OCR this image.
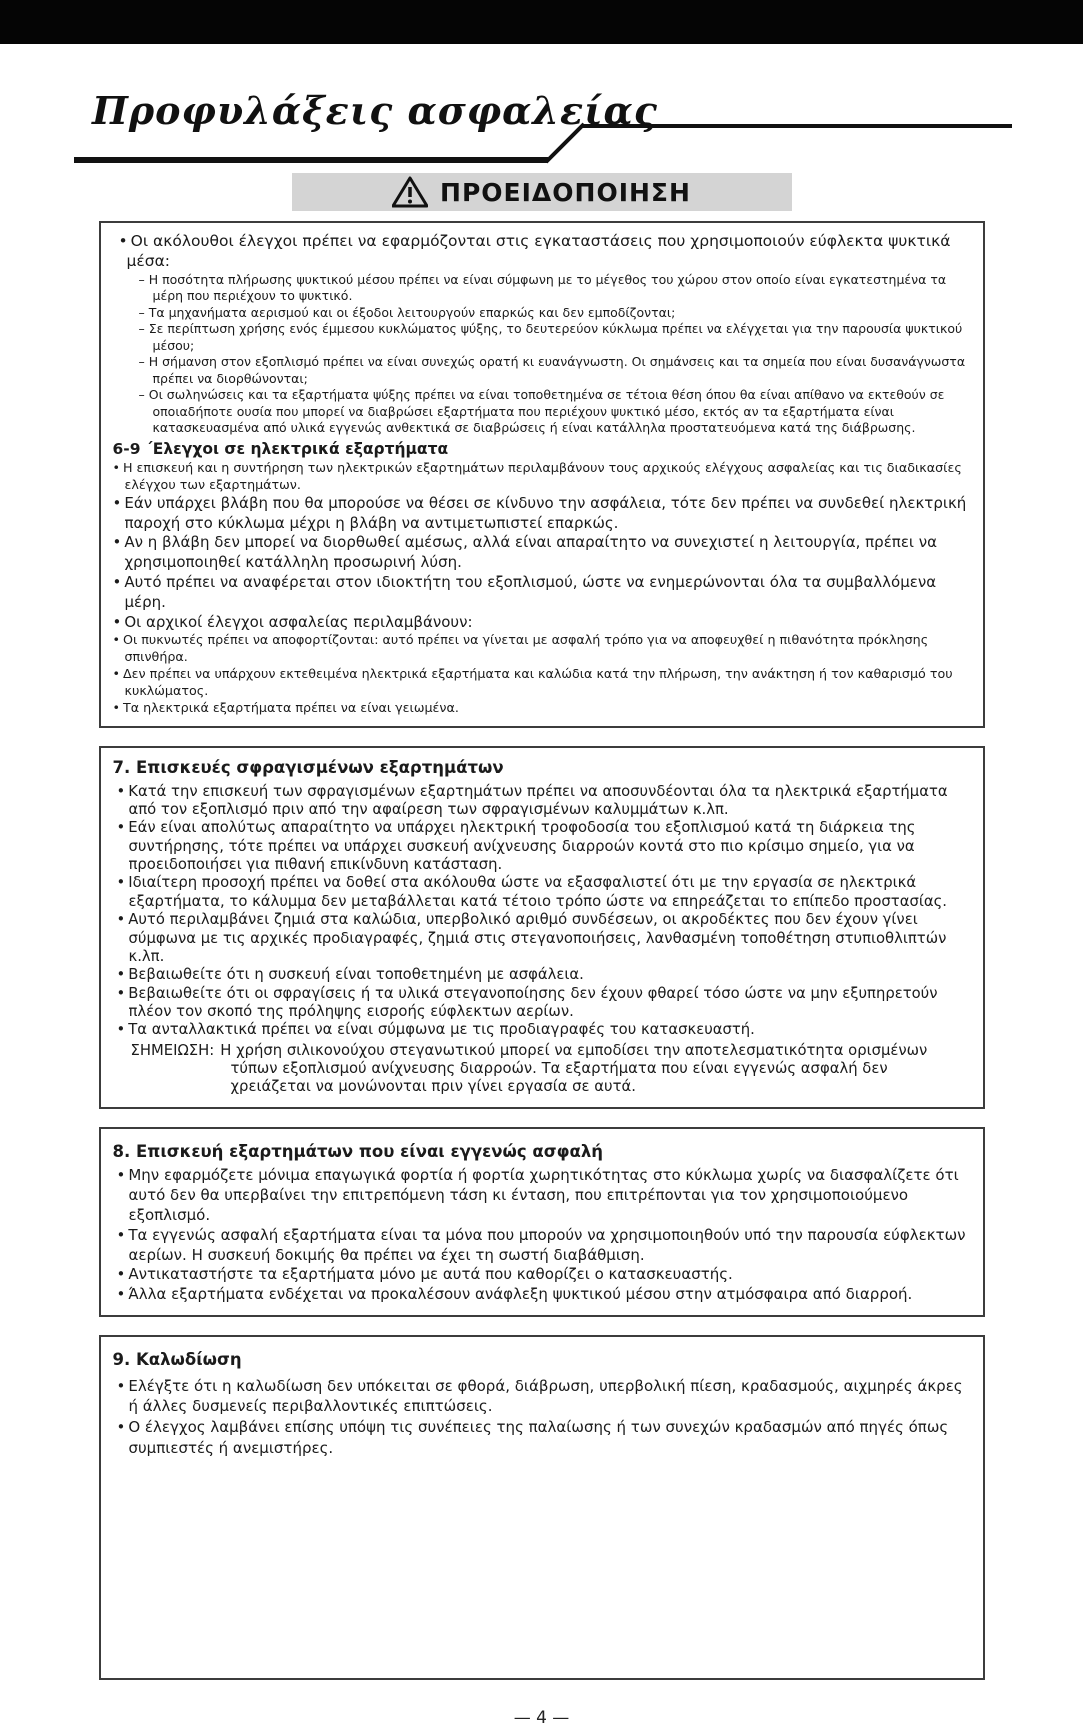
Προφυλάξεις ασφαλείας
ΠΡΟΕΙΔΟΠΟΙΗΣΗ
• Οι ακόλουθοι έλεγχοι πρέπει να εφαρμόζονται στις εγκαταστάσεις που χρησιμοποιούν εύφλεκτα ψυκτικά μέσα:
– Η ποσότητα πλήρωσης ψυκτικού μέσου πρέπει να είναι σύμφωνη με το μέγεθος του χώρου στον οποίο είναι εγκατεστημένα τα μέρη που περιέχουν το ψυκτικό.
– Τα μηχανήματα αερισμού και οι έξοδοι λειτουργούν επαρκώς και δεν εμποδίζονται;
– Σε περίπτωση χρήσης ενός έμμεσου κυκλώματος ψύξης, το δευτερεύον κύκλωμα πρέπει να ελέγχεται για την παρουσία ψυκτικού μέσου;
– Η σήμανση στον εξοπλισμό πρέπει να είναι συνεχώς ορατή κι ευανάγνωστη. Οι σημάνσεις και τα σημεία που είναι δυσανάγνωστα πρέπει να διορθώνονται;
– Οι σωληνώσεις και τα εξαρτήματα ψύξης πρέπει να είναι τοποθετημένα σε τέτοια θέση όπου θα είναι απίθανο να εκτεθούν σε οποιαδήποτε ουσία που μπορεί να διαβρώσει εξαρτήματα που περιέχουν ψυκτικό μέσο, εκτός αν τα εξαρτήματα είναι κατασκευασμένα από υλικά εγγενώς ανθεκτικά σε διαβρώσεις ή είναι κατάλληλα προστατευόμενα κατά της διάβρωσης.
6-9 ΄Ελεγχοι σε ηλεκτρικά εξαρτήματα
• Η επισκευή και η συντήρηση των ηλεκτρικών εξαρτημάτων περιλαμβάνουν τους αρχικούς ελέγχους ασφαλείας και τις διαδικασίες ελέγχου των εξαρτημάτων.
• Εάν υπάρχει βλάβη που θα μπορούσε να θέσει σε κίνδυνο την ασφάλεια, τότε δεν πρέπει να συνδεθεί ηλεκτρική παροχή στο κύκλωμα μέχρι η βλάβη να αντιμετωπιστεί επαρκώς.
• Αν η βλάβη δεν μπορεί να διορθωθεί αμέσως, αλλά είναι απαραίτητο να συνεχιστεί η λειτουργία, πρέπει να χρησιμοποιηθεί κατάλληλη προσωρινή λύση.
• Αυτό πρέπει να αναφέρεται στον ιδιοκτήτη του εξοπλισμού, ώστε να ενημερώνονται όλα τα συμβαλλόμενα μέρη.
• Οι αρχικοί έλεγχοι ασφαλείας περιλαμβάνουν:
• Οι πυκνωτές πρέπει να αποφορτίζονται: αυτό πρέπει να γίνεται με ασφαλή τρόπο για να αποφευχθεί η πιθανότητα πρόκλησης σπινθήρα.
• Δεν πρέπει να υπάρχουν εκτεθειμένα ηλεκτρικά εξαρτήματα και καλώδια κατά την πλήρωση, την ανάκτηση ή τον καθαρισμό του κυκλώματος.
• Τα ηλεκτρικά εξαρτήματα πρέπει να είναι γειωμένα.
7. Επισκευές σφραγισμένων εξαρτημάτων
• Κατά την επισκευή των σφραγισμένων εξαρτημάτων πρέπει να αποσυνδέονται όλα τα ηλεκτρικά εξαρτήματα από τον εξοπλισμό πριν από την αφαίρεση των σφραγισμένων καλυμμάτων κ.λπ.
• Εάν είναι απολύτως απαραίτητο να υπάρχει ηλεκτρική τροφοδοσία του εξοπλισμού κατά τη διάρκεια της συντήρησης, τότε πρέπει να υπάρχει συσκευή ανίχνευσης διαρροών κοντά στο πιο κρίσιμο σημείο, για να προειδοποιήσει για πιθανή επικίνδυνη κατάσταση.
• Ιδιαίτερη προσοχή πρέπει να δοθεί στα ακόλουθα ώστε να εξασφαλιστεί ότι με την εργασία σε ηλεκτρικά εξαρτήματα, το κάλυμμα δεν μεταβάλλεται κατά τέτοιο τρόπο ώστε να επηρεάζεται το επίπεδο προστασίας.
• Αυτό περιλαμβάνει ζημιά στα καλώδια, υπερβολικό αριθμό συνδέσεων, οι ακροδέκτες που δεν έχουν γίνει σύμφωνα με τις αρχικές προδιαγραφές, ζημιά στις στεγανοποιήσεις, λανθασμένη τοποθέτηση στυπιοθλιπτών κ.λπ.
• Βεβαιωθείτε ότι η συσκευή είναι τοποθετημένη με ασφάλεια.
• Βεβαιωθείτε ότι οι σφραγίσεις ή τα υλικά στεγανοποίησης δεν έχουν φθαρεί τόσο ώστε να μην εξυπηρετούν πλέον τον σκοπό της πρόληψης εισροής εύφλεκτων αερίων.
• Τα ανταλλακτικά πρέπει να είναι σύμφωνα με τις προδιαγραφές του κατασκευαστή.
ΣΗΜΕΙΩΣΗ: Η χρήση σιλικονούχου στεγανωτικού μπορεί να εμποδίσει την αποτελεσματικότητα ορισμένων τύπων εξοπλισμού ανίχνευσης διαρροών. Τα εξαρτήματα που είναι εγγενώς ασφαλή δεν χρειάζεται να μονώνονται πριν γίνει εργασία σε αυτά.
8. Επισκευή εξαρτημάτων που είναι εγγενώς ασφαλή
• Μην εφαρμόζετε μόνιμα επαγωγικά φορτία ή φορτία χωρητικότητας στο κύκλωμα χωρίς να διασφαλίζετε ότι αυτό δεν θα υπερβαίνει την επιτρεπόμενη τάση κι ένταση, που επιτρέπονται για τον χρησιμοποιούμενο εξοπλισμό.
• Τα εγγενώς ασφαλή εξαρτήματα είναι τα μόνα που μπορούν να χρησιμοποιηθούν υπό την παρουσία εύφλεκτων αερίων. Η συσκευή δοκιμής θα πρέπει να έχει τη σωστή διαβάθμιση.
• Αντικαταστήστε τα εξαρτήματα μόνο με αυτά που καθορίζει ο κατασκευαστής.
• Άλλα εξαρτήματα ενδέχεται να προκαλέσουν ανάφλεξη ψυκτικού μέσου στην ατμόσφαιρα από διαρροή.
9. Καλωδίωση
• Ελέγξτε ότι η καλωδίωση δεν υπόκειται σε φθορά, διάβρωση, υπερβολική πίεση, κραδασμούς, αιχμηρές άκρες ή άλλες δυσμενείς περιβαλλοντικές επιπτώσεις.
• Ο έλεγχος λαμβάνει επίσης υπόψη τις συνέπειες της παλαίωσης ή των συνεχών κραδασμών από πηγές όπως συμπιεστές ή ανεμιστήρες.
— 4 —
